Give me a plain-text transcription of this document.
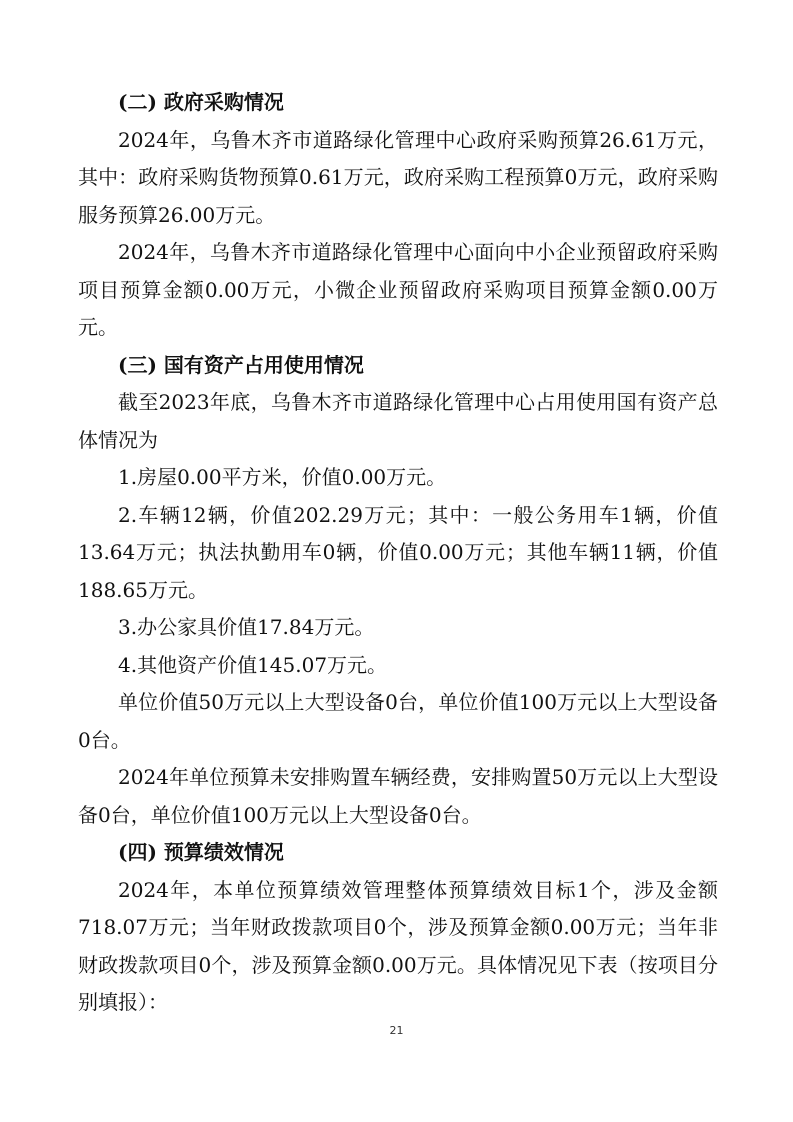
(二) 政府采购情况

2024年，乌鲁木齐市道路绿化管理中心政府采购预算26.61万元，其中：政府采购货物预算0.61万元，政府采购工程预算0万元，政府采购服务预算26.00万元。

2024年，乌鲁木齐市道路绿化管理中心面向中小企业预留政府采购项目预算金额0.00万元，小微企业预留政府采购项目预算金额0.00万元。

(三) 国有资产占用使用情况

截至2023年底，乌鲁木齐市道路绿化管理中心占用使用国有资产总体情况为

1.房屋0.00平方米，价值0.00万元。

2.车辆12辆，价值202.29万元；其中：一般公务用车1辆，价值13.64万元；执法执勤用车0辆，价值0.00万元；其他车辆11辆，价值188.65万元。

3.办公家具价值17.84万元。

4.其他资产价值145.07万元。

单位价值50万元以上大型设备0台，单位价值100万元以上大型设备0台。

2024年单位预算未安排购置车辆经费，安排购置50万元以上大型设备0台，单位价值100万元以上大型设备0台。

(四) 预算绩效情况

2024年，本单位预算绩效管理整体预算绩效目标1个，涉及金额718.07万元；当年财政拨款项目0个，涉及预算金额0.00万元；当年非财政拨款项目0个，涉及预算金额0.00万元。具体情况见下表（按项目分别填报）：

21
